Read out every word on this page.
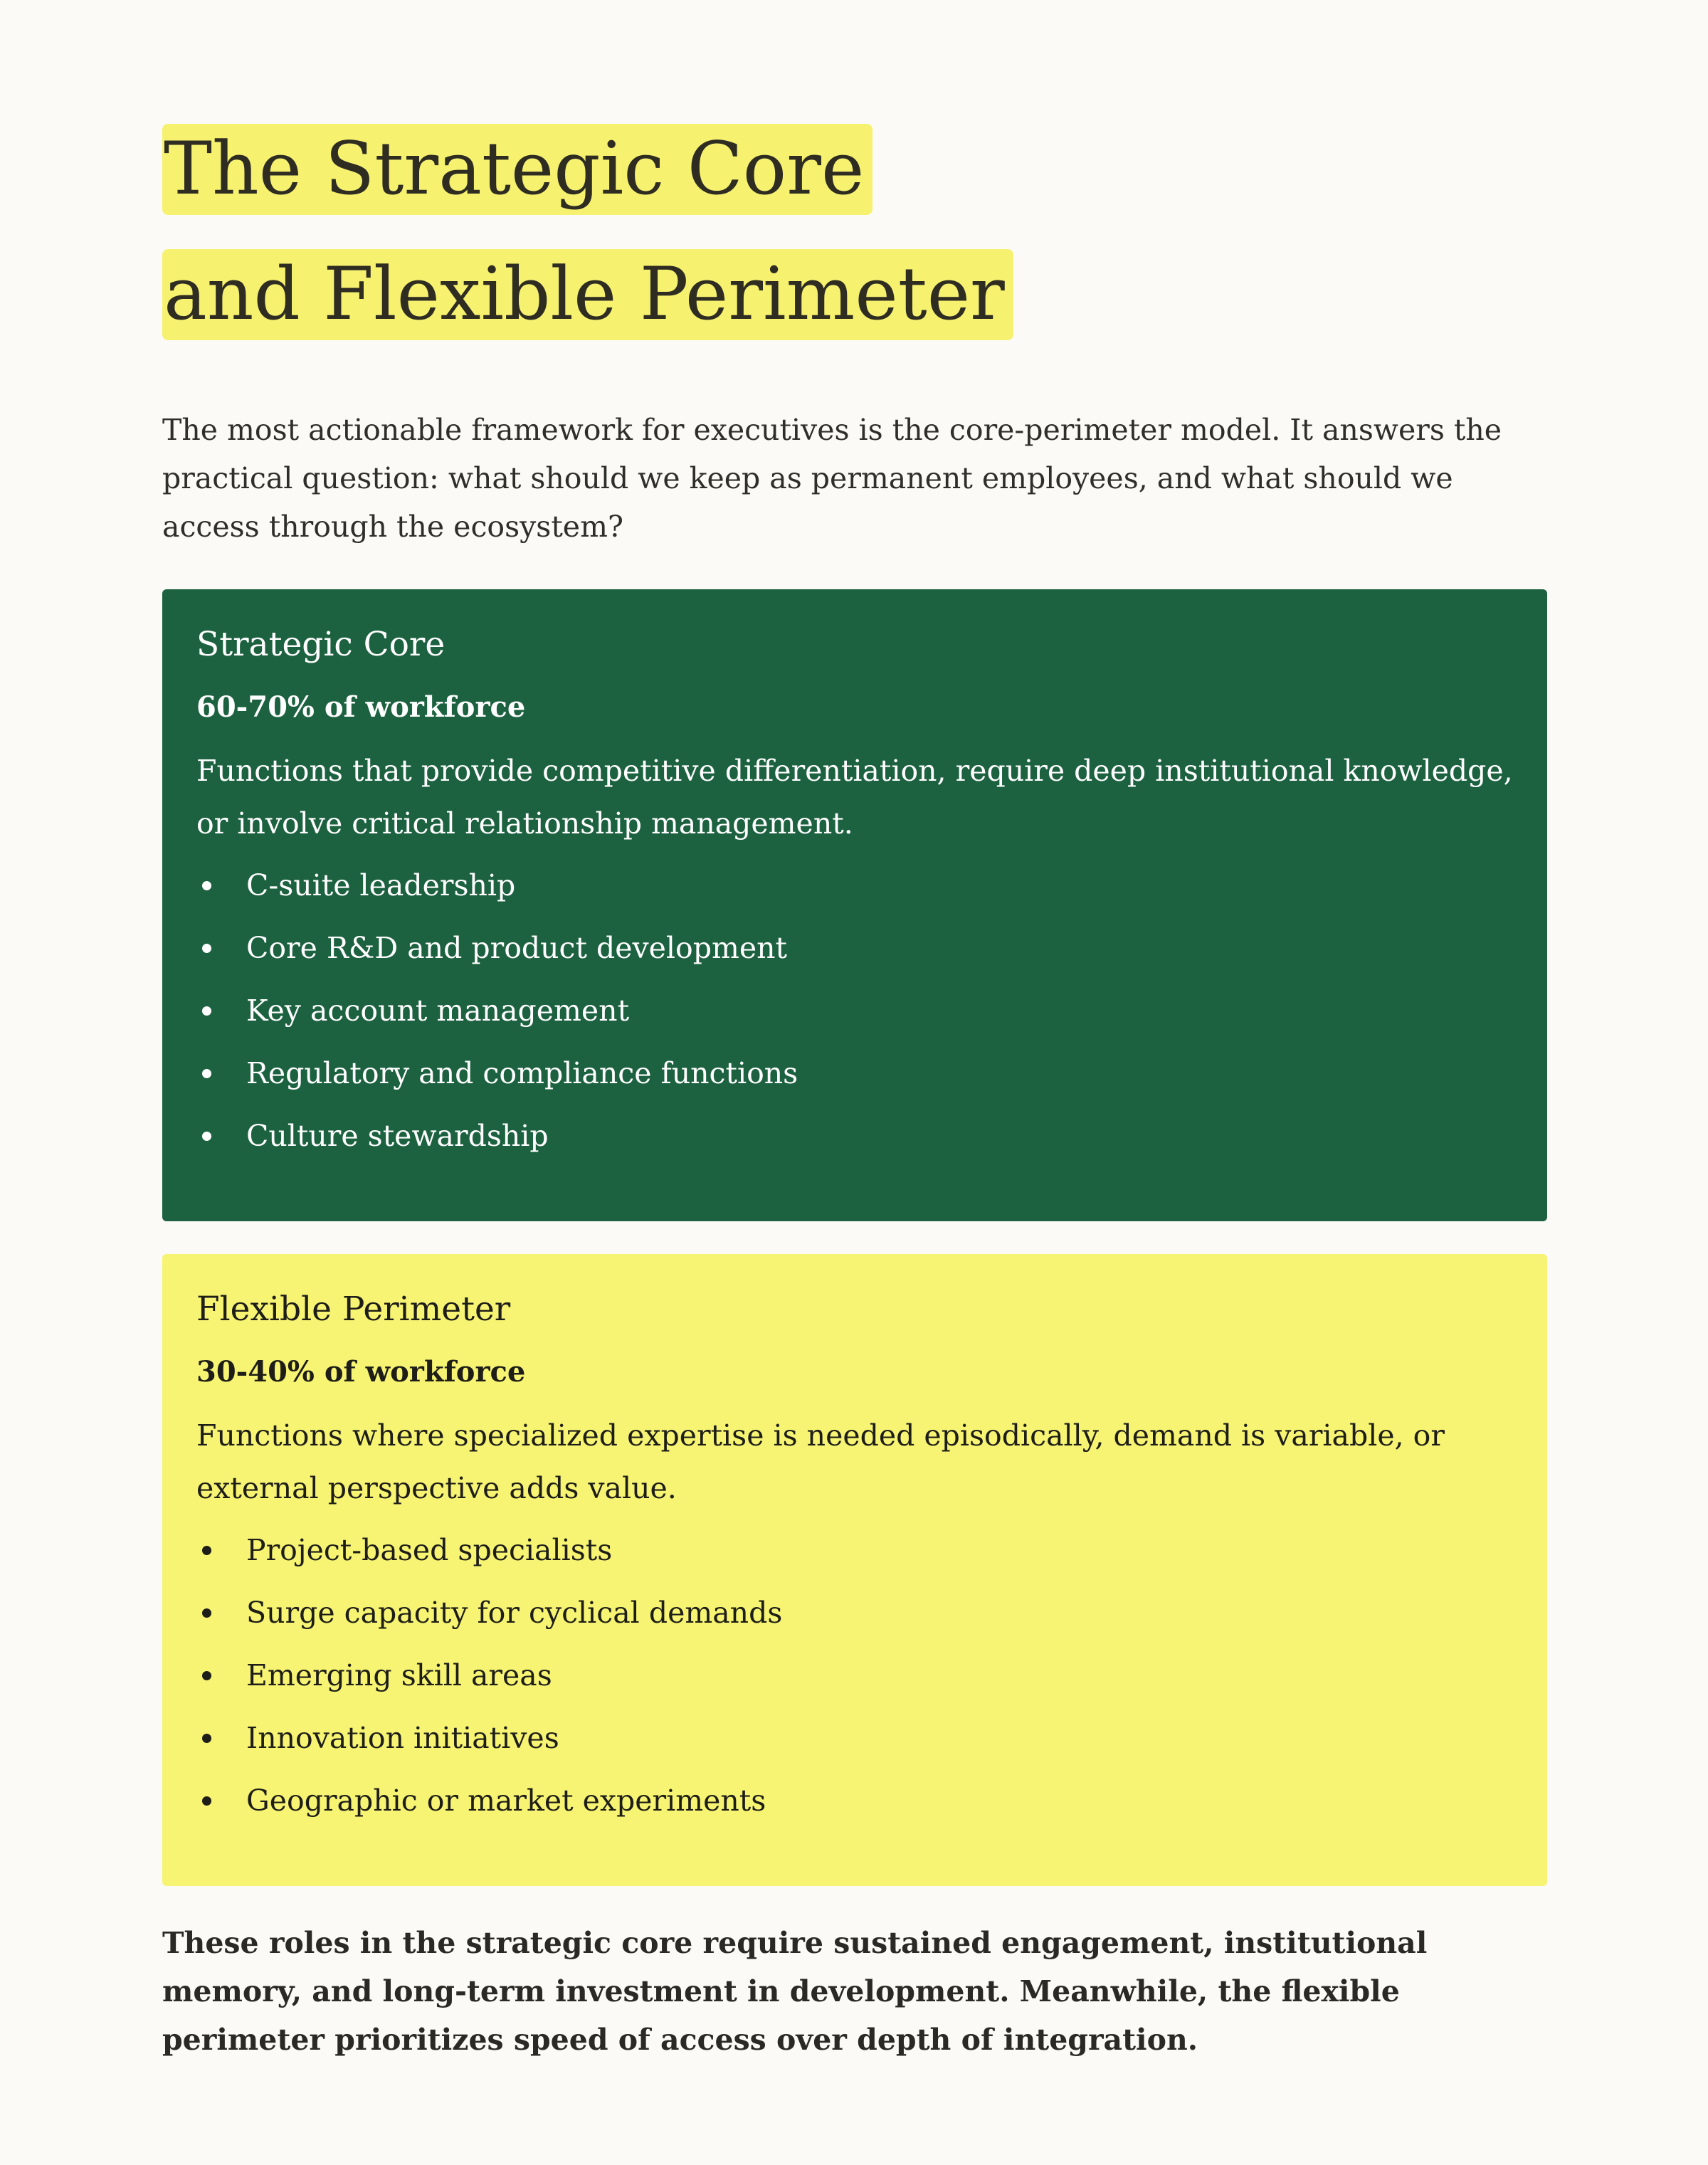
The Strategic Core
and Flexible Perimeter

The most actionable framework for executives is the core-perimeter model. It answers the practical question: what should we keep as permanent employees, and what should we access through the ecosystem?

Strategic Core

60-70% of workforce

Functions that provide competitive differentiation, require deep institutional knowledge, or involve critical relationship management.

C-suite leadership
Core R&D and product development
Key account management
Regulatory and compliance functions
Culture stewardship
Flexible Perimeter

30-40% of workforce

Functions where specialized expertise is needed episodically, demand is variable, or external perspective adds value.

Project-based specialists
Surge capacity for cyclical demands
Emerging skill areas
Innovation initiatives
Geographic or market experiments

These roles in the strategic core require sustained engagement, institutional memory, and long-term investment in development. Meanwhile, the flexible perimeter prioritizes speed of access over depth of integration.
